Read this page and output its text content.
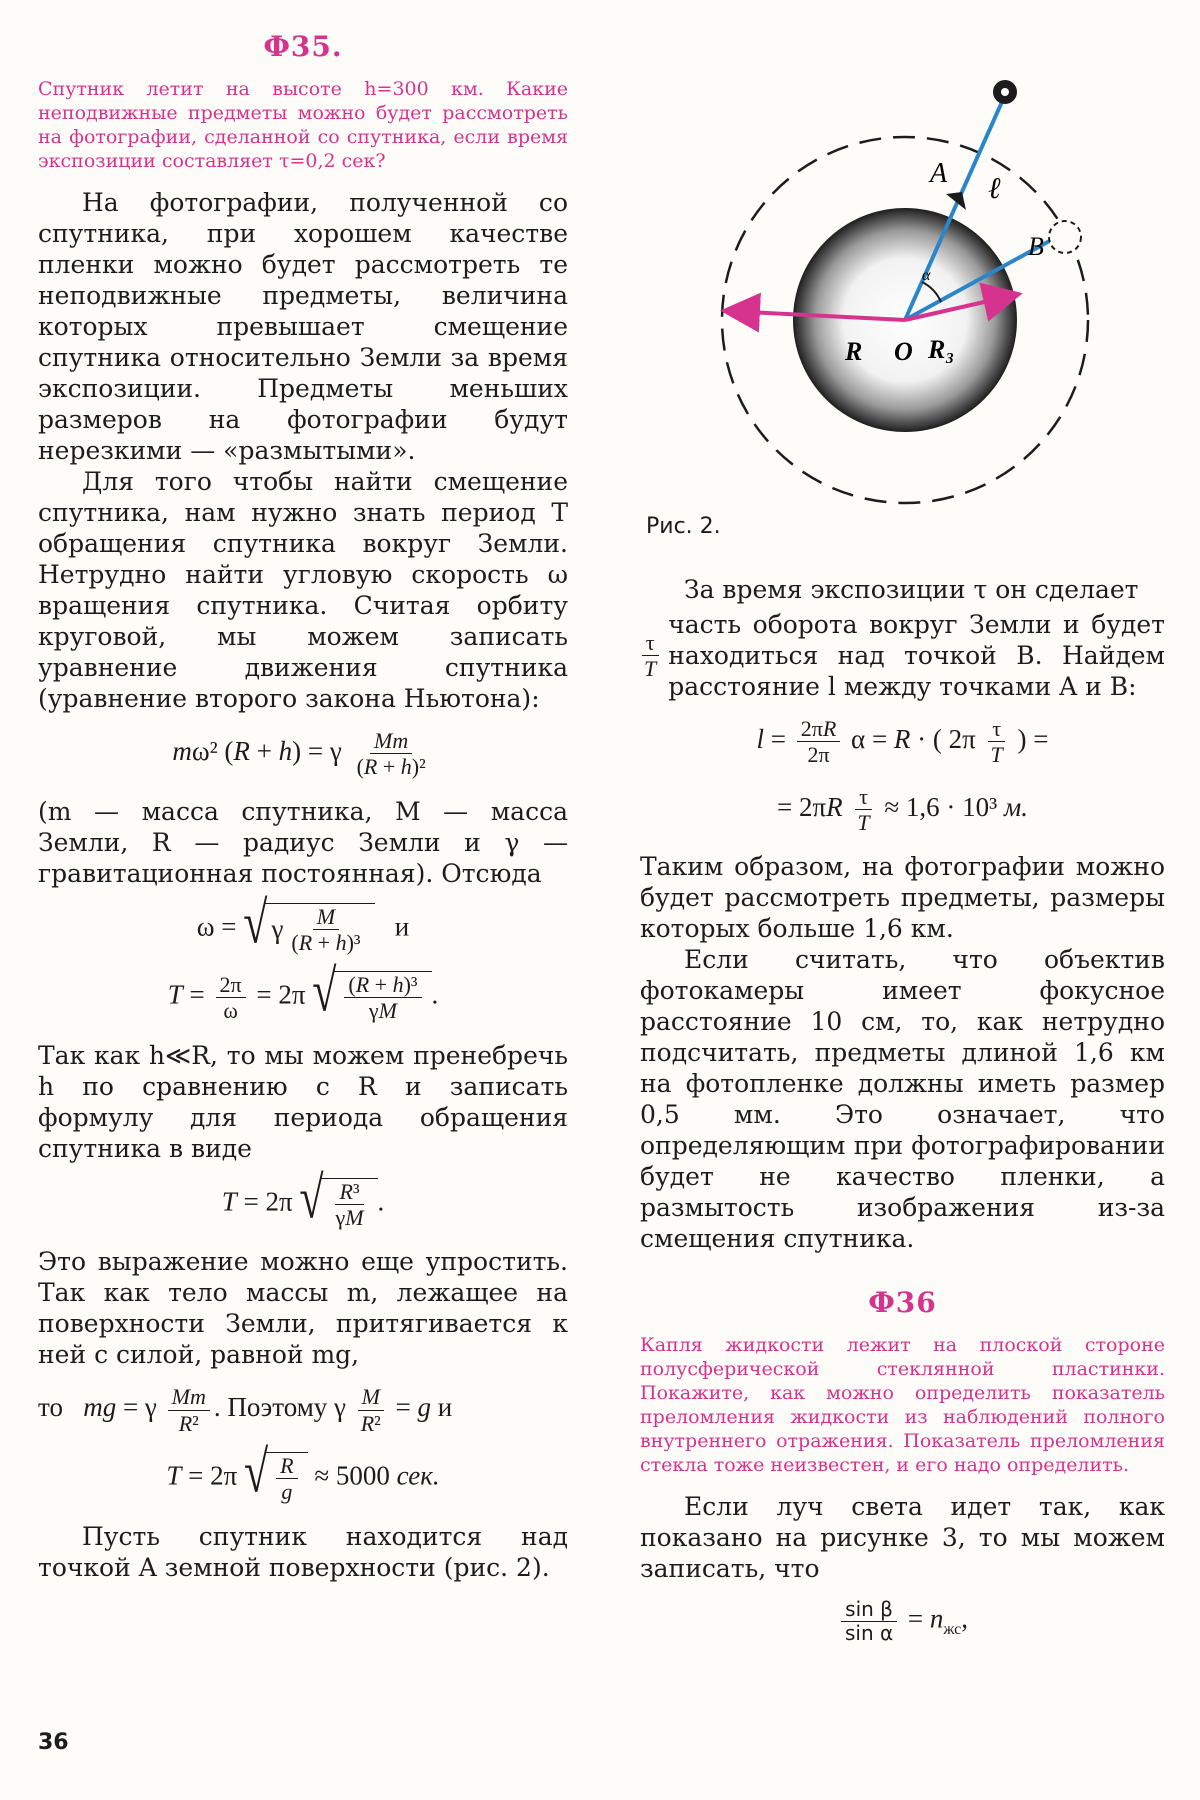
Ф35.
Спутник летит на высоте h=300 км. Какие неподвижные предметы можно будет рассмотреть на фотографии, сделанной со спутника, если время экспозиции составляет τ=0,2 сек?

На фотографии, полученной со спутника, при хорошем качестве пленки можно будет рассмотреть те неподвижные предметы, величина которых превышает смещение спутника относительно Земли за время экспозиции. Предметы меньших размеров на фотографии будут нерезкими — «размытыми».

Для того чтобы найти смещение спутника, нам нужно знать период T обращения спутника вокруг Земли. Нетрудно найти угловую скорость ω вращения спутника. Считая орбиту круговой, мы можем записать уравнение движения спутника (уравнение второго закона Ньютона):

mω² (R + h) = γ $\frac{Mm}{\text{(R + h)²}}$

(m — масса спутника, M — масса Земли, R — радиус Земли и γ — гравитационная постоянная). Отсюда

ω = √ γ $\frac{M}{\text{(R + h)³}}$ и
$T = \frac{2\pi}{\omega} = 2\pi$ √ $\frac{\text{(R + h)³}}{\gamma M}$ .

Так как h≪R, то мы можем пренебречь h по сравнению с R и записать формулу для периода обращения спутника в виде

T = 2π √ $\frac{\text{R³}}{\gamma M}$ .

Это выражение можно еще упростить. Так как тело массы m, лежащее на поверхности Земли, притягивается к ней с силой, равной mg,

то mg = γ $\frac{Mm}{\text{R²}}$ . Поэтому γ $\frac{M}{\text{R²}} = g$ и
T = 2π √ $\frac{R}{g} \approx 5000$ сек.

Пусть спутник находится над точкой A земной поверхности (рис. 2).

A ℓ
B
α
R O R₃
Рис. 2.

За время экспозиции τ он сделает

$\frac{\tau}{T}$
часть оборота вокруг Земли и будет находиться над точкой B. Найдем расстояние l между точками A и B:
$l = \frac{2\pi R}{2\pi}$ α = R · ( $2\pi \frac{\tau}{T}$ ) =
= $2\pi R \frac{\tau}{T} \approx 1,6 \cdot 10^3$ м.

Таким образом, на фотографии можно будет рассмотреть предметы, размеры которых больше 1,6 км.

Если считать, что объектив фотокамеры имеет фокусное расстояние 10 см, то, как нетрудно подсчитать, предметы длиной 1,6 км на фотопленке должны иметь размер 0,5 мм. Это означает, что определяющим при фотографировании будет не качество пленки, а размытость изображения из-за смещения спутника.

Ф36
Капля жидкости лежит на плоской стороне полусферической стеклянной пластинки. Покажите, как можно определить показатель преломления жидкости из наблюдений полного внутреннего отражения. Показатель преломления стекла тоже неизвестен, и его надо определить.

Если луч света идет так, как показано на рисунке 3, то мы можем записать, что

$\frac{\text{sin β}}{\text{sin α}} = n_{жс}$,
36
